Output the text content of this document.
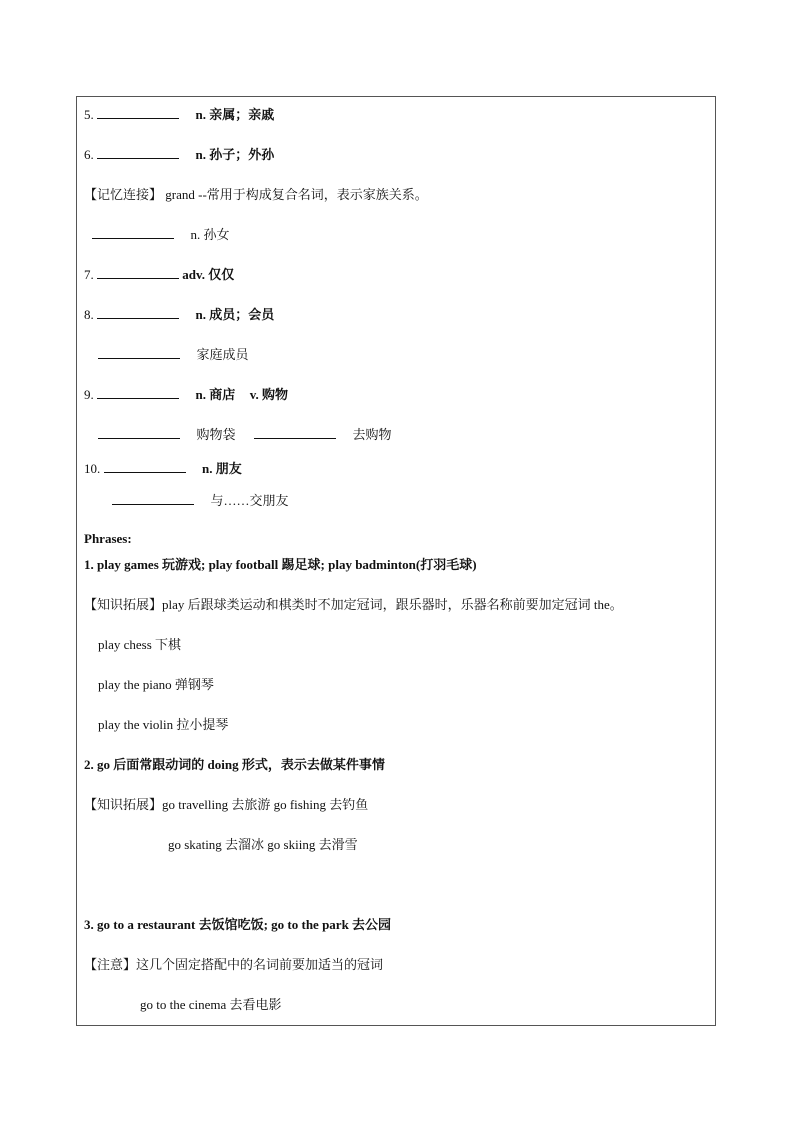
5.	n. 亲属；亲戚
6.	n. 孙子；外孙
【记忆连接】 grand --常用于构成复合名词，表示家族关系。
n. 孙女
7.	adv. 仅仅
8.	n. 成员；会员
家庭成员
9.	n. 商店 v. 购物
购物袋	去购物
10.	n. 朋友
与……交朋友
Phrases:
1. play games 玩游戏; play football 踢足球; play badminton(打羽毛球)
【知识拓展】play 后跟球类运动和棋类时不加定冠词，跟乐器时，乐器名称前要加定冠词 the。
play chess 下棋
play the piano 弹钢琴
play the violin 拉小提琴
2. go 后面常跟动词的 doing 形式，表示去做某件事情
【知识拓展】go travelling 去旅游 go fishing 去钓鱼
go skating 去溜冰 go skiing 去滑雪
3. go to a restaurant 去饭馆吃饭; go to the park 去公园
【注意】这几个固定搭配中的名词前要加适当的冠词
go to the cinema 去看电影
